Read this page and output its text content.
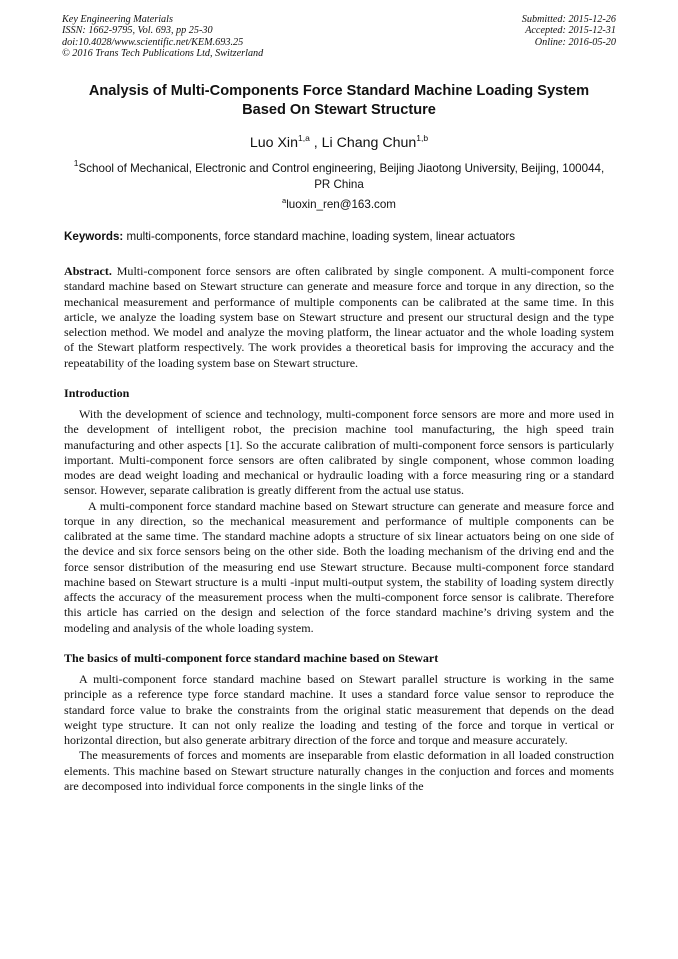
Key Engineering Materials
ISSN: 1662-9795, Vol. 693, pp 25-30
doi:10.4028/www.scientific.net/KEM.693.25
© 2016 Trans Tech Publications Ltd, Switzerland
Submitted: 2015-12-26
Accepted: 2015-12-31
Online: 2016-05-20
Analysis of Multi-Components Force Standard Machine Loading System
Based On Stewart Structure
Luo Xin$^{1,a}$ , Li Chang Chun$^{1,b}$
$^1$School of Mechanical, Electronic and Control engineering, Beijing Jiaotong University, Beijing, 100044, PR China
$^a$luoxin_ren@163.com
Keywords: multi-components, force standard machine, loading system, linear actuators

Abstract. Multi-component force sensors are often calibrated by single component. A multi-component force standard machine based on Stewart structure can generate and measure force and torque in any direction, so the mechanical measurement and performance of multiple components can be calibrated at the same time. In this article, we analyze the loading system base on Stewart structure and present our structural design and the type selection method. We model and analyze the moving platform, the linear actuator and the whole loading system of the Stewart platform respectively. The work provides a theoretical basis for improving the accuracy and the repeatability of the loading system base on Stewart structure.

Introduction

With the development of science and technology, multi-component force sensors are more and more used in the development of intelligent robot, the precision machine tool manufacturing, the high speed train manufacturing and other aspects [1]. So the accurate calibration of multi-component force sensors is particularly important. Multi-component force sensors are often calibrated by single component, whose common loading modes are dead weight loading and mechanical or hydraulic loading with a force measuring ring or a standard sensor. However, separate calibration is greatly different from the actual use status.

A multi-component force standard machine based on Stewart structure can generate and measure force and torque in any direction, so the mechanical measurement and performance of multiple components can be calibrated at the same time. The standard machine adopts a structure of six linear actuators being on one side of the device and six force sensors being on the other side. Both the loading mechanism of the driving end and the force sensor distribution of the measuring end use Stewart structure. Because multi-component force standard machine based on Stewart structure is a multi -input multi-output system, the stability of loading system directly affects the accuracy of the measurement process when the multi-component force sensor is calibrate. Therefore this article has carried on the design and selection of the force standard machine’s driving system and the modeling and analysis of the whole loading system.

The basics of multi-component force standard machine based on Stewart

A multi-component force standard machine based on Stewart parallel structure is working in the same principle as a reference type force standard machine. It uses a standard force value sensor to reproduce the standard force value to brake the constraints from the original static measurement that depends on the dead weight type structure. It can not only realize the loading and testing of the force and torque in vertical or horizontal direction, but also generate arbitrary direction of the force and torque and measure accurately.

The measurements of forces and moments are inseparable from elastic deformation in all loaded construction elements. This machine based on Stewart structure naturally changes in the conjuction and forces and moments are decomposed into individual force components in the single links of the
